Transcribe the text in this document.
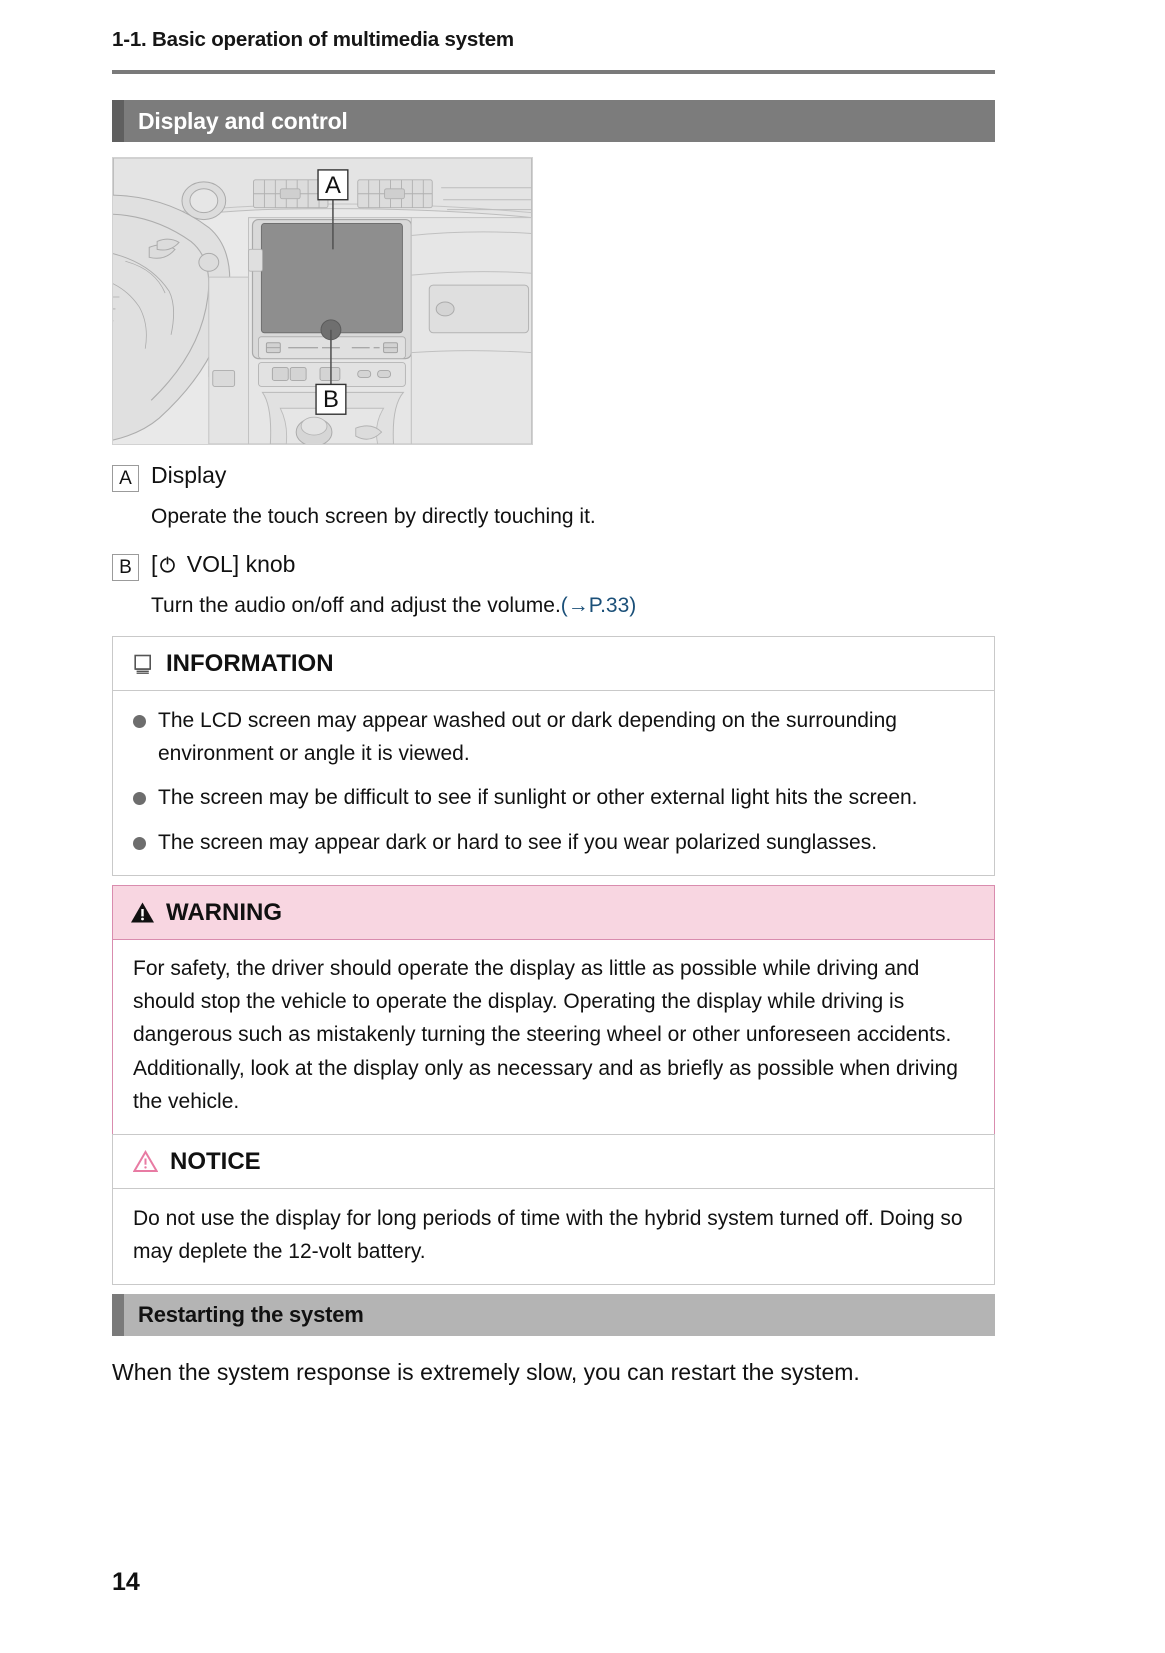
1-1. Basic operation of multimedia system
Display and control
A
B
A Display
Operate the touch screen by directly touching it.
B [
VOL] knob
Turn the audio on/off and adjust the volume.(→P.33)
INFORMATION
The LCD screen may appear washed out or dark depending on the surrounding environment or angle it is viewed.
The screen may be difficult to see if sunlight or other external light hits the screen.
The screen may appear dark or hard to see if you wear polarized sunglasses.
WARNING
For safety, the driver should operate the display as little as possible while driving and should stop the vehicle to operate the display. Operating the display while driving is dangerous such as mistakenly turning the steering wheel or other unforeseen accidents. Additionally, look at the display only as necessary and as briefly as possible when driving the vehicle.
NOTICE
Do not use the display for long periods of time with the hybrid system turned off. Doing so may deplete the 12-volt battery.
Restarting the system
When the system response is extremely slow, you can restart the system.
14
